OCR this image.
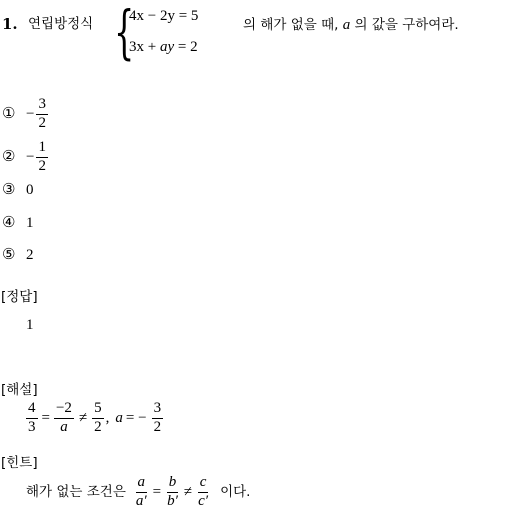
1. 연립방정식 {
4x − 2y = 5
3x + ay = 2
의 해가 없을 때, a 의 값을 구하여라.
① − $\frac{3}{2}$
② − $\frac{1}{2}$
③ 0
④ 1
⑤ 2
[정답]
1
[해설]
$\frac{4}{3} = \frac{-2}{a} \ne \frac{5}{2}$ , a = − $\frac{3}{2}$
[힌트]
해가 없는 조건은 $\frac{a}{a'} = \frac{b}{b'} \ne \frac{c}{c'}$ 이다.
